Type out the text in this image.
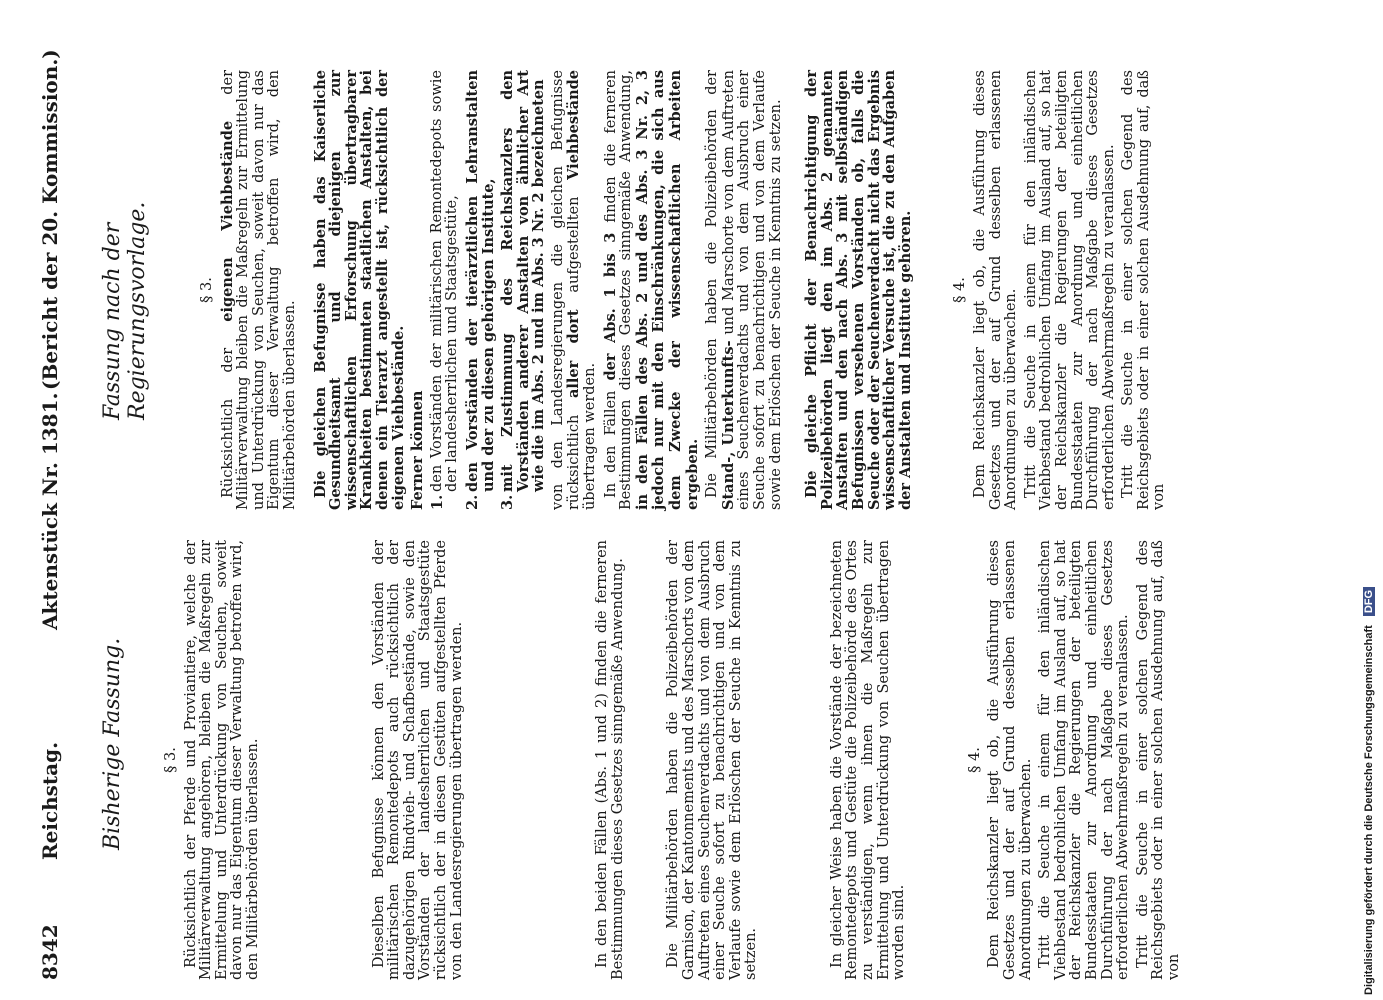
8342
Reichstag.
Aktenstück Nr. 1381.
(Bericht der 20. Kommission.)
Bisherige Fassung.
Fassung nach der Regierungsvorlage.

§ 3. Rücksichtlich der Pferde und Proviantiere, welche der Militärverwaltung angehören, bleiben die Maßregeln zur Ermittelung und Unterdrückung von Seuchen, soweit davon nur das Eigentum dieser Verwaltung betroffen wird, den Militärbehörden überlassen.	Dieselben Befugnisse können den Vorständen der militärischen Remontedepots auch rücksichtlich der dazugehörigen Rindvieh- und Schafbestände, sowie den Vorständen der landesherrlichen und Staatsgestüte rücksichtlich der in diesen Gestüten aufgestellten Pferde von den Landesregierungen übertragen werden.	In den beiden Fällen (Abs. 1 und 2) finden die ferneren Bestimmungen dieses Gesetzes sinngemäße Anwendung.	Die Militärbehörden haben die Polizeibehörden der Garnison, der Kantonnements und des Marschorts von dem Auftreten eines Seuchenverdachts und von dem Ausbruch einer Seuche sofort zu benachrichtigen und von dem Verlaufe sowie dem Erlöschen der Seuche in Kenntnis zu setzen.	In gleicher Weise haben die Vorstände der bezeichneten Remontedepots und Gestüte die Polizeibehörde des Ortes zu verständigen, wenn ihnen die Maßregeln zur Ermittelung und Unterdrückung von Seuchen übertragen worden sind.

§ 4. Dem Reichskanzler liegt ob, die Ausführung dieses Gesetzes und der auf Grund desselben erlassenen Anordnungen zu überwachen. Tritt die Seuche in einem für den inländischen Viehbestand bedrohlichen Umfang im Ausland auf, so hat der Reichskanzler die Regierungen der beteiligten Bundesstaaten zur Anordnung und einheitlichen Durchführung der nach Maßgabe dieses Gesetzes erforderlichen Abwehrmaßregeln zu veranlassen. Tritt die Seuche in einer solchen Gegend des Reichsgebiets oder in einer solchen Ausdehnung auf, daß von

§ 3.

Rücksichtlich der eigenen Viehbestände der Militärverwaltung bleiben die Maßregeln zur Ermittelung und Unterdrückung von Seuchen, soweit davon nur das Eigentum dieser Verwaltung betroffen wird, den Militärbehörden überlassen. Die gleichen Befugnisse haben das Kaiserliche Gesundheitsamt und diejenigen zur wissenschaftlichen Erforschung übertragbarer Krankheiten bestimmten staatlichen Anstalten, bei denen ein Tierarzt angestellt ist, rücksichtlich der eigenen Viehbestände. Ferner können 1.
den Vorständen der militärischen Remontedepots sowie der landesherrlichen und Staatsgestüte,

2.
den Vorständen der tierärztlichen Lehranstalten und der zu diesen gehörigen Institute,

3.
mit Zustimmung des Reichskanzlers den Vorständen anderer Anstalten von ähnlicher Art wie die im Abs. 2 und im Abs. 3 Nr. 2 bezeichneten von den Landesregierungen die gleichen Befugnisse rücksichtlich aller dort aufgestellten Viehbestände übertragen werden. In den Fällen der Abs. 1 bis 3 finden die ferneren Bestimmungen dieses Gesetzes sinngemäße Anwendung, in den Fällen des Abs. 2 und des Abs. 3 Nr. 2, 3 jedoch nur mit den Einschränkungen, die sich aus dem Zwecke der wissenschaftlichen Arbeiten ergeben. Die Militärbehörden haben die Polizeibehörden der Stand-, Unterkunfts- und Marschorte von dem Auftreten eines Seuchenverdachts und von dem Ausbruch einer Seuche sofort zu benachrichtigen und von dem Verlaufe sowie dem Erlöschen der Seuche in Kenntnis zu setzen. Die gleiche Pflicht der Benachrichtigung der Polizeibehörden liegt den im Abs. 2 genannten Anstalten und den nach Abs. 3 mit selbständigen Befugnissen versehenen Vorständen ob, falls die Seuche oder der Seuchenverdacht nicht das Ergebnis wissenschaftlicher Versuche ist, die zu den Aufgaben der Anstalten und Institute gehören.	§ 4. Dem Reichskanzler liegt ob, die Ausführung dieses Gesetzes und der auf Grund desselben erlassenen Anordnungen zu überwachen. Tritt die Seuche in einem für den inländischen Viehbestand bedrohlichen Umfang im Ausland auf, so hat der Reichskanzler die Regierungen der beteiligten Bundesstaaten zur Anordnung und einheitlichen Durchführung der nach Maßgabe dieses Gesetzes erforderlichen Abwehrmaßregeln zu veranlassen. Tritt die Seuche in einer solchen Gegend des Reichsgebiets oder in einer solchen Ausdehnung auf, daß von

Digitalisierung gefördert durch die Deutsche Forschungsgemeinschaft DFG
